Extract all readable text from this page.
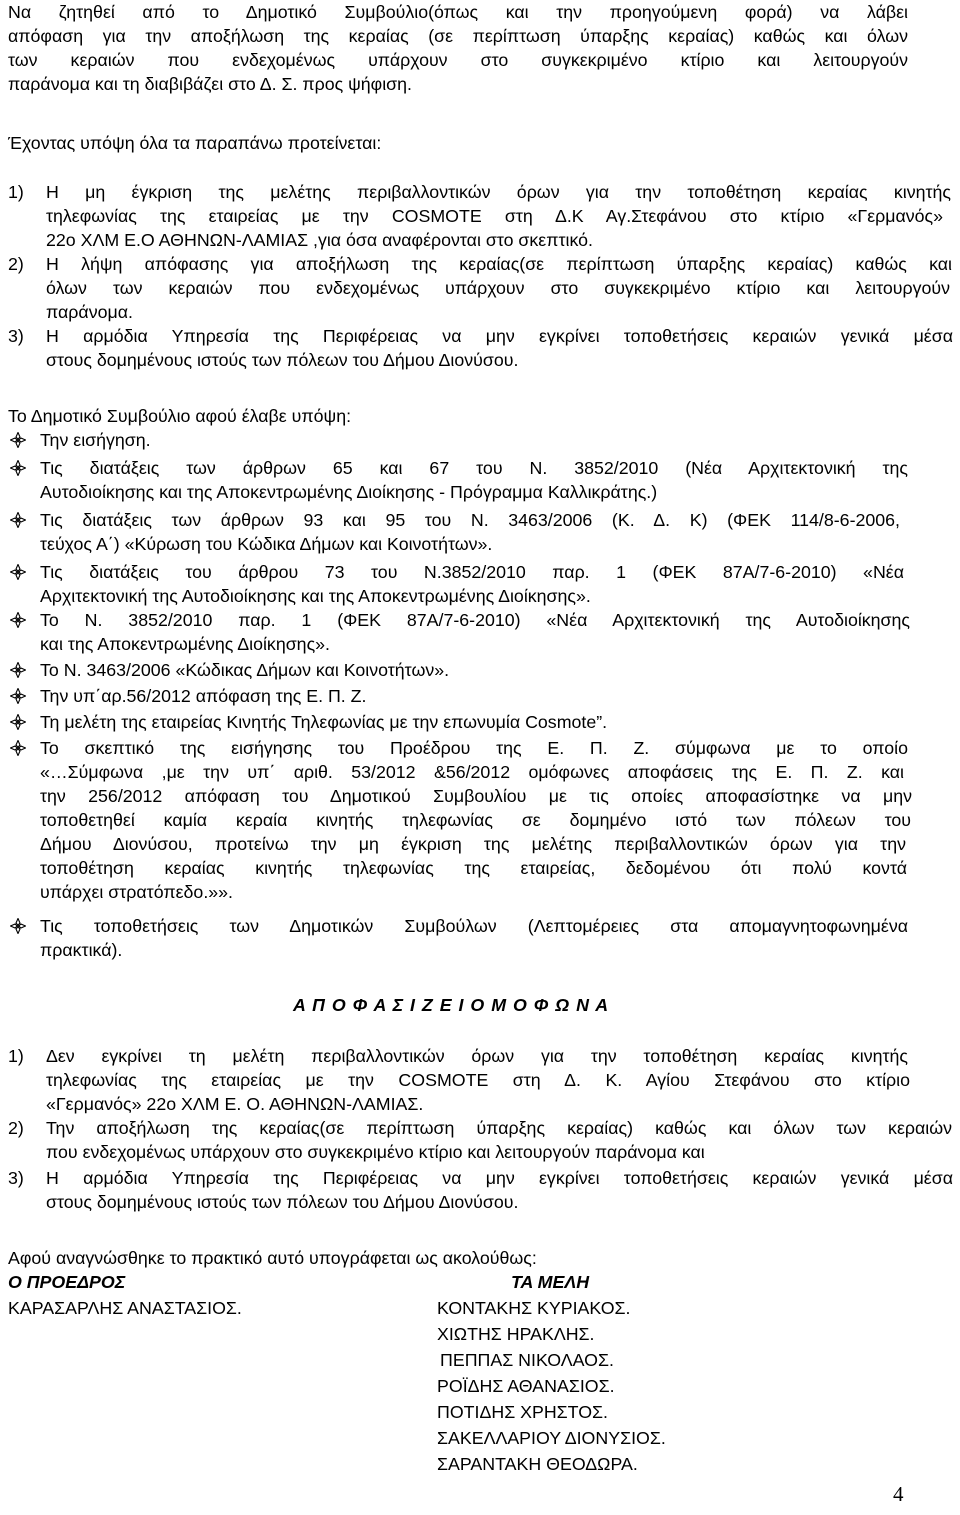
Να ζητηθεί από το Δημοτικό Συμβούλιο(όπως και την προηγούμενη φορά) να λάβει
απόφαση για την αποξήλωση της κεραίας (σε περίπτωση ύπαρξης κεραίας) καθώς και όλων
των κεραιών που ενδεχομένως υπάρχουν στο συγκεκριμένο κτίριο και λειτουργούν
παράνομα και τη διαβιβάζει στο Δ. Σ. προς ψήφιση.
Έχοντας υπόψη όλα τα παραπάνω προτείνεται:
1) Η μη έγκριση της μελέτης περιβαλλοντικών όρων για την τοποθέτηση κεραίας κινητής
τηλεφωνίας της εταιρείας με την COSMOTE στη Δ.Κ Αγ.Στεφάνου στο κτίριο «Γερμανός»
22ο ΧΛΜ Ε.Ο ΑΘΗΝΩΝ-ΛΑΜΙΑΣ ,για όσα αναφέρονται στο σκεπτικό.
2) Η λήψη απόφασης για αποξήλωση της κεραίας(σε περίπτωση ύπαρξης κεραίας) καθώς και
όλων των κεραιών που ενδεχομένως υπάρχουν στο συγκεκριμένο κτίριο και λειτουργούν
παράνομα.
3) Η αρμόδια Υπηρεσία της Περιφέρειας να μην εγκρίνει τοποθετήσεις κεραιών γενικά μέσα
στους δομημένους ιστούς των πόλεων του Δήμου Διονύσου.
Το Δημοτικό Συμβούλιο αφού έλαβε υπόψη:
Την εισήγηση.
Τις διατάξεις των άρθρων 65 και 67 του Ν. 3852/2010 (Νέα Αρχιτεκτονική της
Αυτοδιοίκησης και της Αποκεντρωμένης Διοίκησης - Πρόγραμμα Καλλικράτης.)
Τις διατάξεις των άρθρων 93 και 95 του Ν. 3463/2006 (Κ. Δ. Κ) (ΦΕΚ 114/8-6-2006,
τεύχος Α΄) «Κύρωση του Κώδικα Δήμων και Κοινοτήτων».
Τις διατάξεις του άρθρου 73 του Ν.3852/2010 παρ. 1 (ΦΕΚ 87Α/7-6-2010) «Νέα
Αρχιτεκτονική της Αυτοδιοίκησης και της Αποκεντρωμένης Διοίκησης».
Το Ν. 3852/2010 παρ. 1 (ΦΕΚ 87Α/7-6-2010) «Νέα Αρχιτεκτονική της Αυτοδιοίκησης
και της Αποκεντρωμένης Διοίκησης».
Το Ν. 3463/2006 «Κώδικας Δήμων και Κοινοτήτων».
Την υπ΄αρ.56/2012 απόφαση της Ε. Π. Ζ.
Τη μελέτη της εταιρείας Κινητής Τηλεφωνίας με την επωνυμία Cosmote”.
Το σκεπτικό της εισήγησης του Προέδρου της Ε. Π. Ζ. σύμφωνα με το οποίο
«…Σύμφωνα ,με την υπ΄ αριθ. 53/2012 &56/2012 ομόφωνες αποφάσεις της Ε. Π. Ζ. και
την 256/2012 απόφαση του Δημοτικού Συμβουλίου με τις οποίες αποφασίστηκε να μην
τοποθετηθεί καμία κεραία κινητής τηλεφωνίας σε δομημένο ιστό των πόλεων του
Δήμου Διονύσου, προτείνω την μη έγκριση της μελέτης περιβαλλοντικών όρων για την
τοποθέτηση κεραίας κινητής τηλεφωνίας της εταιρείας, δεδομένου ότι πολύ κοντά
υπάρχει στρατόπεδο.»».
Τις τοποθετήσεις των Δημοτικών Συμβούλων (Λεπτομέρειες στα απομαγνητοφωνημένα
πρακτικά).
Α Π Ο Φ Α Σ Ι Ζ Ε Ι Ο Μ Ο Φ Ω Ν Α
1) Δεν εγκρίνει τη μελέτη περιβαλλοντικών όρων για την τοποθέτηση κεραίας κινητής
τηλεφωνίας της εταιρείας με την COSMOTE στη Δ. Κ. Αγίου Στεφάνου στο κτίριο
«Γερμανός» 22ο ΧΛΜ Ε. Ο. ΑΘΗΝΩΝ-ΛΑΜΙΑΣ.
2) Την αποξήλωση της κεραίας(σε περίπτωση ύπαρξης κεραίας) καθώς και όλων των κεραιών
που ενδεχομένως υπάρχουν στο συγκεκριμένο κτίριο και λειτουργούν παράνομα και
3) Η αρμόδια Υπηρεσία της Περιφέρειας να μην εγκρίνει τοποθετήσεις κεραιών γενικά μέσα
στους δομημένους ιστούς των πόλεων του Δήμου Διονύσου.
Αφού αναγνώσθηκε το πρακτικό αυτό υπογράφεται ως ακολούθως:
Ο ΠΡΟΕΔΡΟΣ	ΤΑ ΜΕΛΗ
ΚΑΡΑΣΑΡΛΗΣ ΑΝΑΣΤΑΣΙΟΣ.	ΚΟΝΤΑΚΗΣ ΚΥΡΙΑΚΟΣ.
ΧΙΩΤΗΣ ΗΡΑΚΛΗΣ.
ΠΕΠΠΑΣ ΝΙΚΟΛΑΟΣ.
ΡΟΪΔΗΣ ΑΘΑΝΑΣΙΟΣ.
ΠΟΤΙΔΗΣ ΧΡΗΣΤΟΣ.
ΣΑΚΕΛΛΑΡΙΟΥ ΔΙΟΝΥΣΙΟΣ.
ΣΑΡΑΝΤΑΚΗ ΘΕΟΔΩΡΑ.
4
